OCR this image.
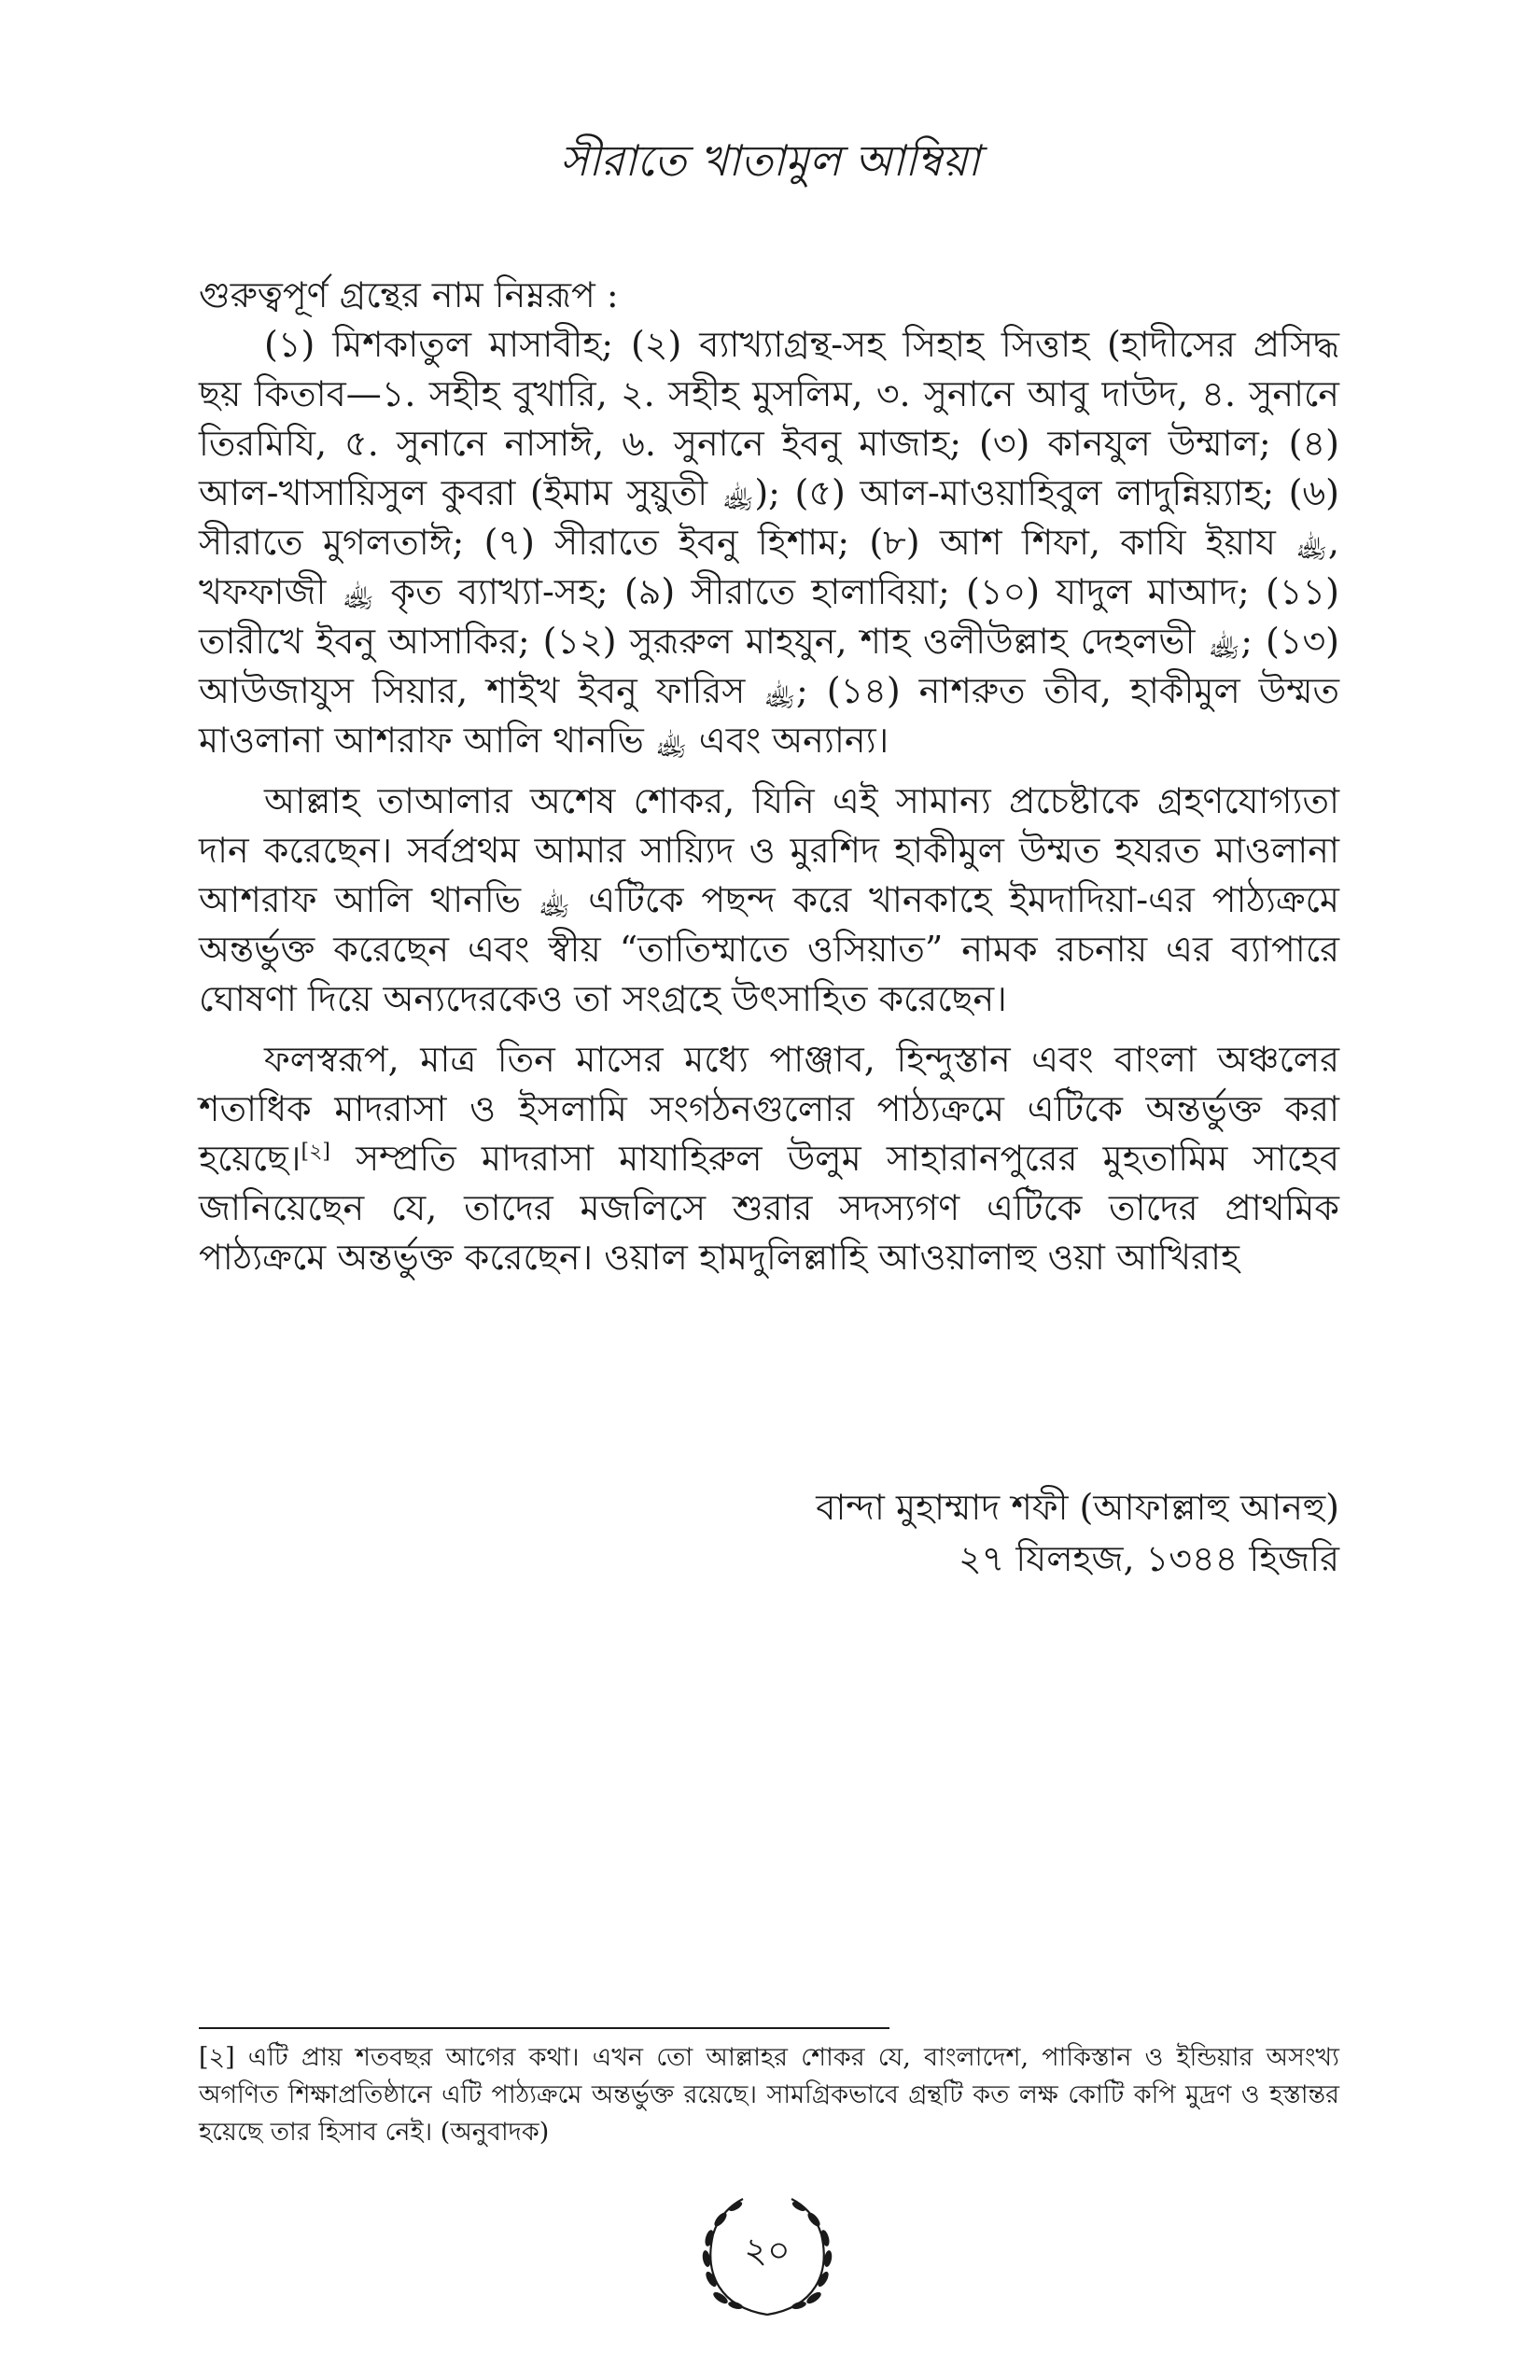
সীরাতে খাতামুল আম্বিয়া

গুরুত্বপূর্ণ গ্রন্থের নাম নিম্নরূপ :

(১) মিশকাতুল মাসাবীহ; (২) ব্যাখ্যাগ্রন্থ-সহ সিহাহ সিত্তাহ (হাদীসের প্রসিদ্ধ ছয় কিতাব—১. সহীহ বুখারি, ২. সহীহ মুসলিম, ৩. সুনানে আবু দাউদ, ৪. সুনানে তিরমিযি, ৫. সুনানে নাসাঈ, ৬. সুনানে ইবনু মাজাহ; (৩) কানযুল উম্মাল; (৪) আল-খাসায়িসুল কুবরা (ইমাম সুয়ুতী ﵀); (৫) আল-মাওয়াহিবুল লাদুন্নিয়্যাহ; (৬) সীরাতে মুগলতাঈ; (৭) সীরাতে ইবনু হিশাম; (৮) আশ শিফা, কাযি ইয়ায ﵀, খফফাজী ﵀ কৃত ব্যাখ্যা-সহ; (৯) সীরাতে হালাবিয়া; (১০) যাদুল মাআদ; (১১) তারীখে ইবনু আসাকির; (১২) সুরূরুল মাহযুন, শাহ ওলীউল্লাহ দেহলভী ﵀; (১৩) আউজাযুস সিয়ার, শাইখ ইবনু ফারিস ﵀; (১৪) নাশরুত তীব, হাকীমুল উম্মত মাওলানা আশরাফ আলি থানভি ﵀ এবং অন্যান্য।

আল্লাহ তাআলার অশেষ শোকর, যিনি এই সামান্য প্রচেষ্টাকে গ্রহণযোগ্যতা দান করেছেন। সর্বপ্রথম আমার সায়্যিদ ও মুরশিদ হাকীমুল উম্মত হযরত মাওলানা আশরাফ আলি থানভি ﵀ এটিকে পছন্দ করে খানকাহে ইমদাদিয়া-এর পাঠ্যক্রমে অন্তর্ভুক্ত করেছেন এবং স্বীয় “তাতিম্মাতে ওসিয়াত” নামক রচনায় এর ব্যাপারে ঘোষণা দিয়ে অন্যদেরকেও তা সংগ্রহে উৎসাহিত করেছেন।

ফলস্বরূপ, মাত্র তিন মাসের মধ্যে পাঞ্জাব, হিন্দুস্তান এবং বাংলা অঞ্চলের শতাধিক মাদরাসা ও ইসলামি সংগঠনগুলোর পাঠ্যক্রমে এটিকে অন্তর্ভুক্ত করা হয়েছে।[২] সম্প্রতি মাদরাসা মাযাহিরুল উলুম সাহারানপুরের মুহতামিম সাহেব জানিয়েছেন যে, তাদের মজলিসে শুরার সদস্যগণ এটিকে তাদের প্রাথমিক পাঠ্যক্রমে অন্তর্ভুক্ত করেছেন। ওয়াল হামদুলিল্লাহি আওয়ালাহু ওয়া আখিরাহ

বান্দা মুহাম্মাদ শফী (আফাল্লাহু আনহু)
২৭ যিলহজ, ১৩৪৪ হিজরি
[২] এটি প্রায় শতবছর আগের কথা। এখন তো আল্লাহর শোকর যে, বাংলাদেশ, পাকিস্তান ও ইন্ডিয়ার অসংখ্য অগণিত শিক্ষাপ্রতিষ্ঠানে এটি পাঠ্যক্রমে অন্তর্ভুক্ত রয়েছে। সামগ্রিকভাবে গ্রন্থটি কত লক্ষ কোটি কপি মুদ্রণ ও হস্তান্তর হয়েছে তার হিসাব নেই। (অনুবাদক)
২০
